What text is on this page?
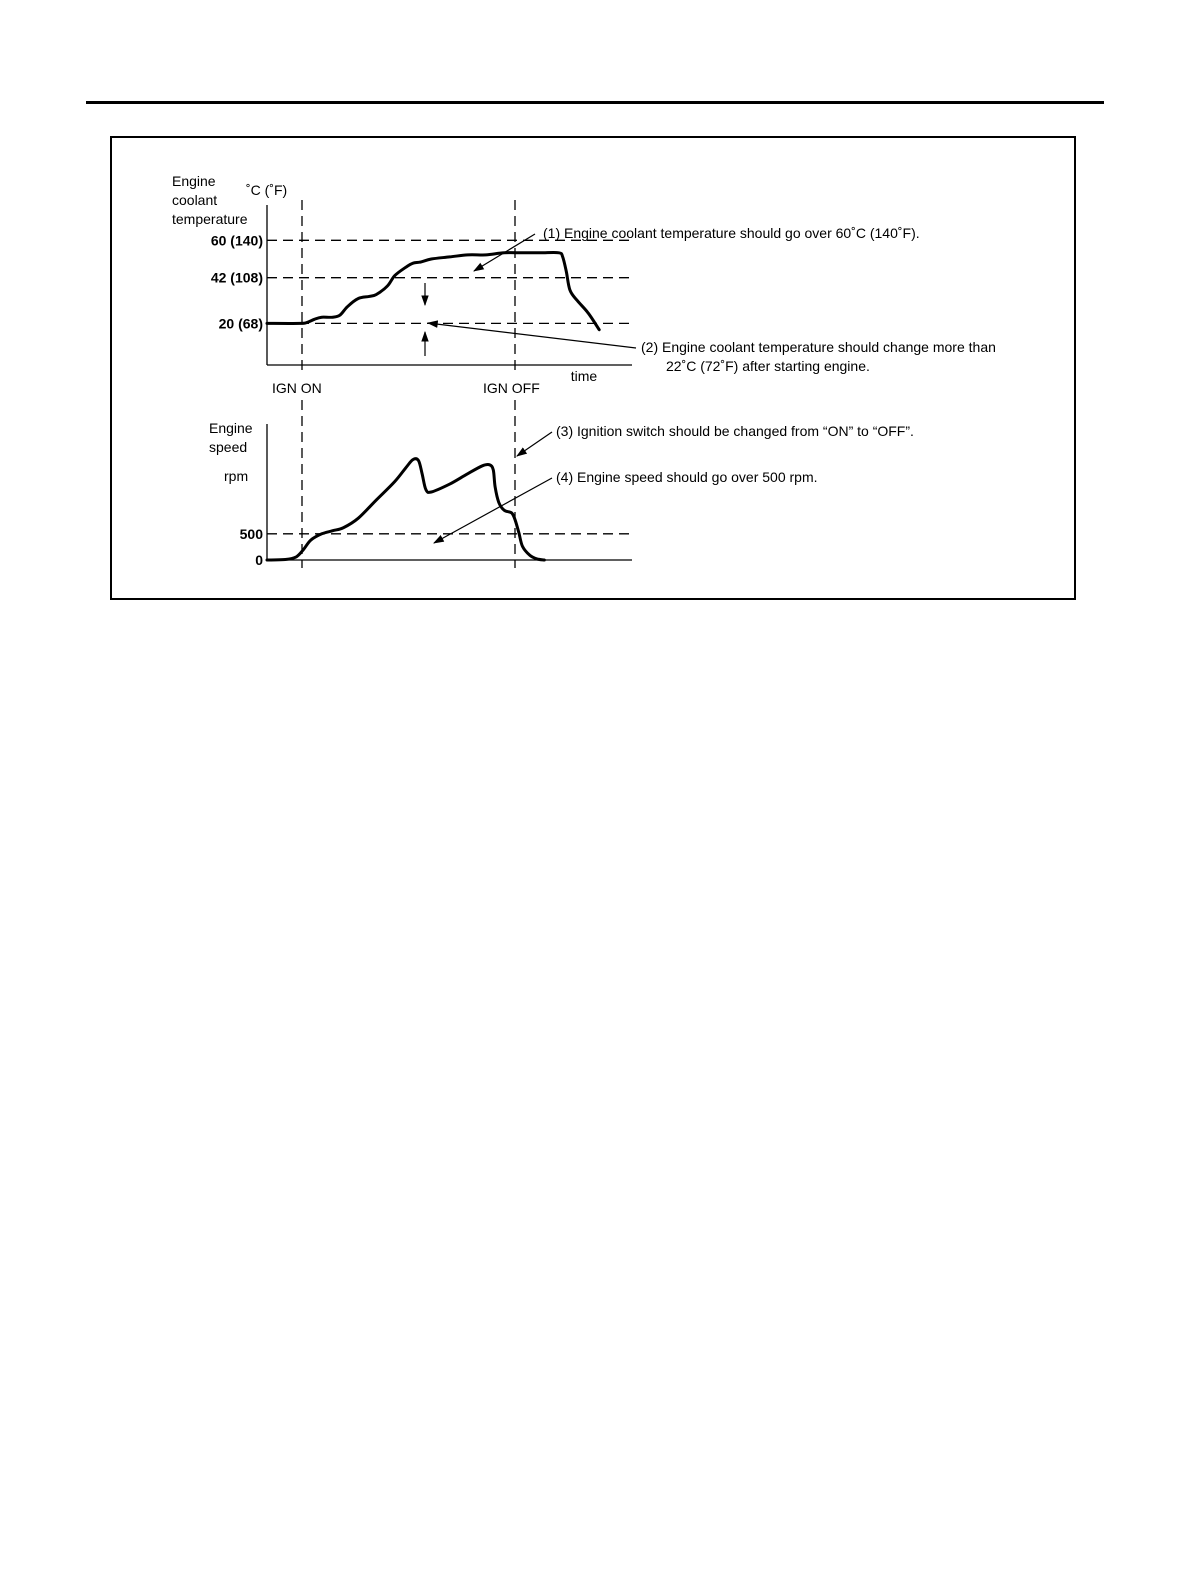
Engine
coolant
temperature
˚C (˚F)
20 (68)
42 (108)
60 (140)
time
IGN ON	IGN OFF
(1) Engine coolant temperature should go over 60˚C (140˚F).
(2) Engine coolant temperature should change more than
22˚C (72˚F) after starting engine.
Engine
speed
rpm
0
500
(3) Ignition switch should be changed from “ON” to “OFF”.
(4) Engine speed should go over 500 rpm.
